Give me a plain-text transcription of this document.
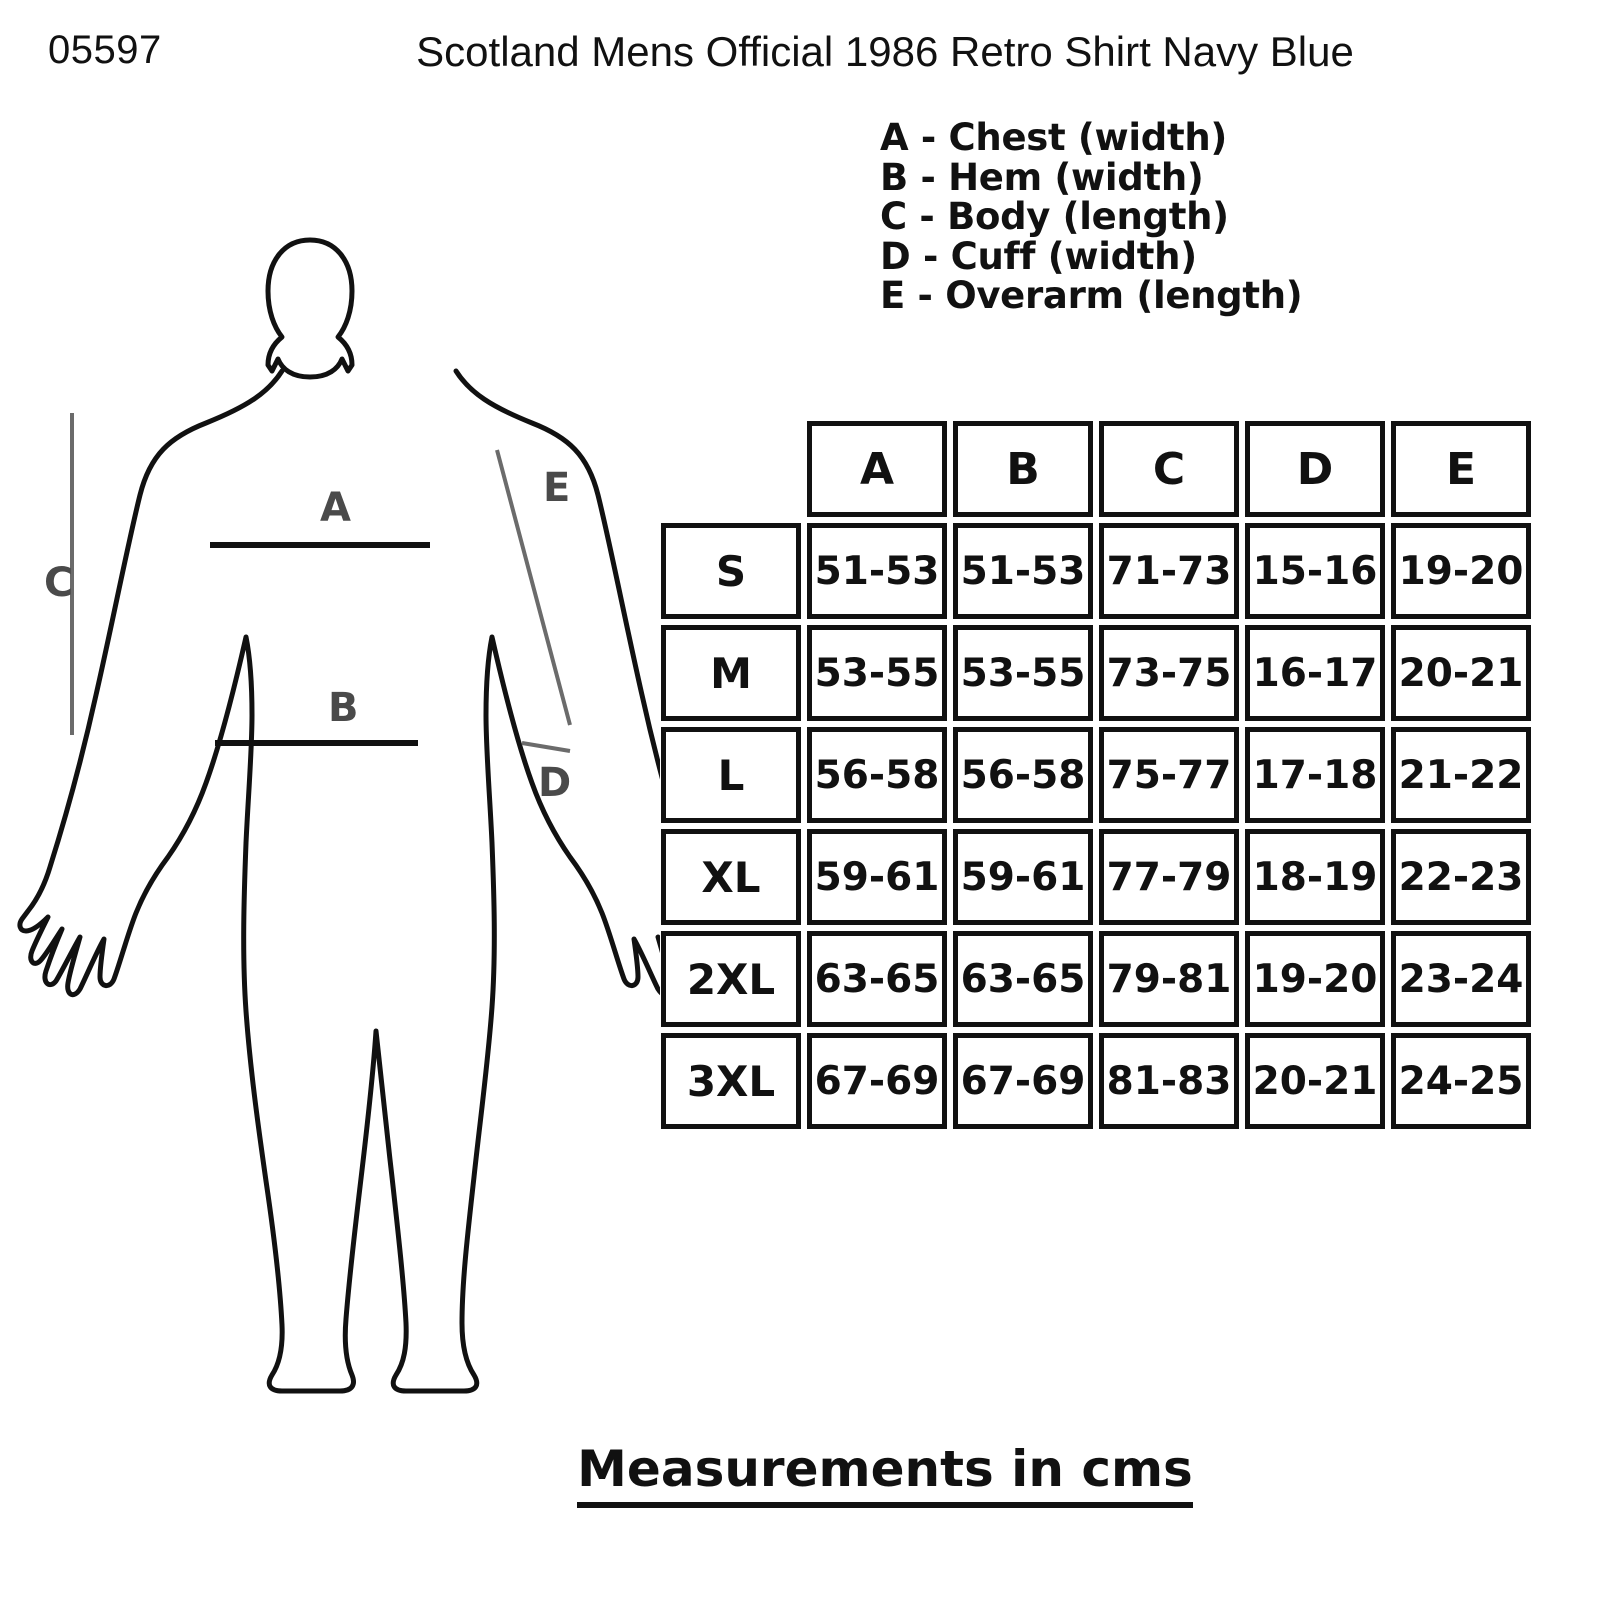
05597	Scotland Mens Official 1986 Retro Shirt Navy Blue
A - Chest (width)
B - Hem (width)
C - Body (length)
D - Cuff (width)
E - Overarm (length)
A
B
C
D
E
		A	B	C	D	E
S	51-53	51-53	71-73	15-16	19-20
M	53-55	53-55	73-75	16-17	20-21
L	56-58	56-58	75-77	17-18	21-22
XL	59-61	59-61	77-79	18-19	22-23
2XL	63-65	63-65	79-81	19-20	23-24
3XL	67-69	67-69	81-83	20-21	24-25
Measurements in cms
